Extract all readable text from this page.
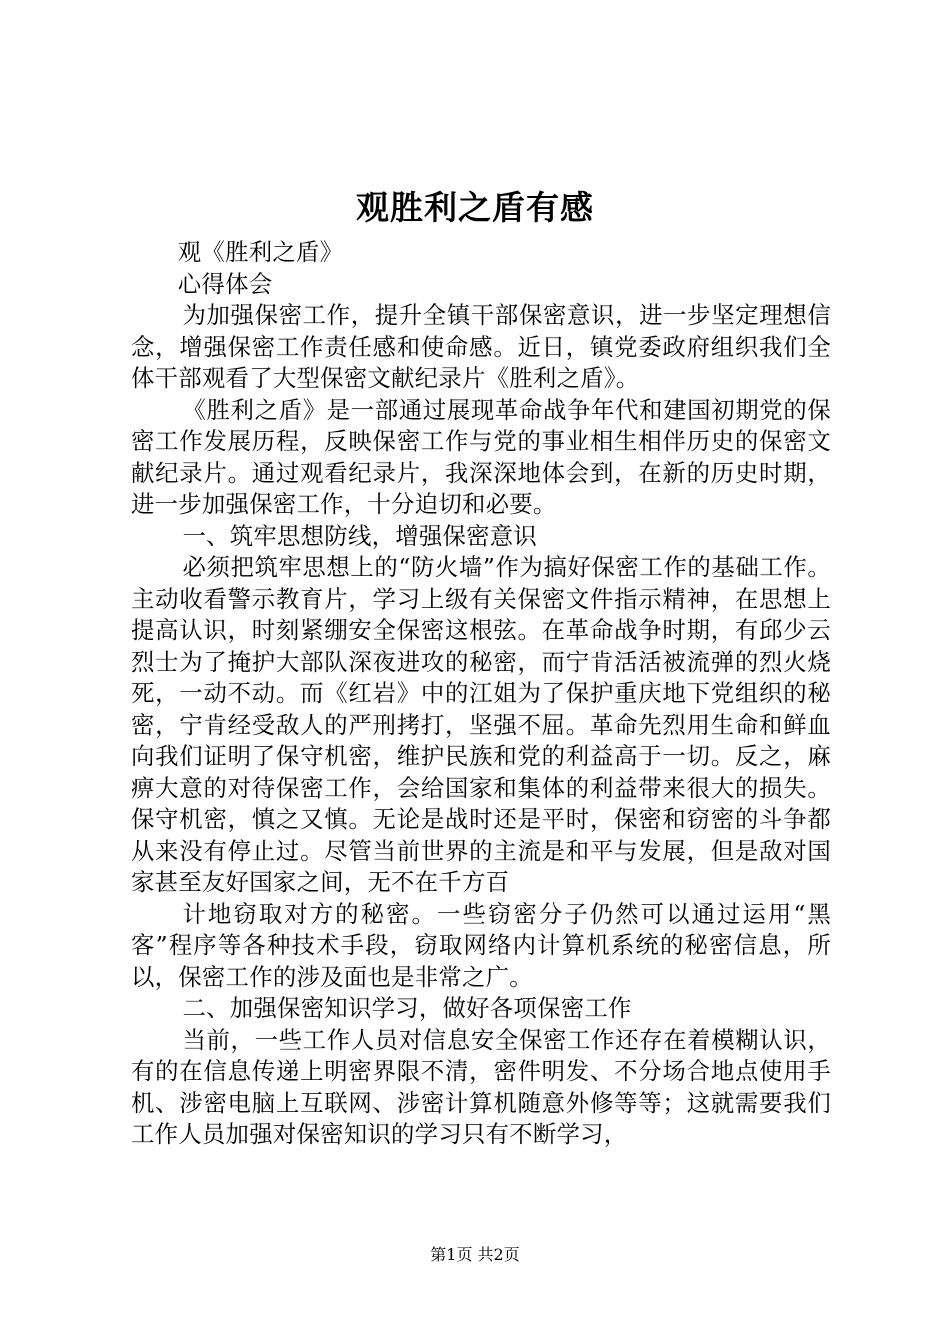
观胜利之盾有感

观《胜利之盾》

心得体会

为加强保密工作，提升全镇干部保密意识，进一步坚定理想信念，增强保密工作责任感和使命感。近日，镇党委政府组织我们全体干部观看了大型保密文献纪录片《胜利之盾》。

《胜利之盾》是一部通过展现革命战争年代和建国初期党的保密工作发展历程，反映保密工作与党的事业相生相伴历史的保密文献纪录片。通过观看纪录片，我深深地体会到，在新的历史时期，进一步加强保密工作，十分迫切和必要。

一、筑牢思想防线，增强保密意识

必须把筑牢思想上的“防火墙”作为搞好保密工作的基础工作。主动收看警示教育片，学习上级有关保密文件指示精神，在思想上提高认识，时刻紧绷安全保密这根弦。在革命战争时期，有邱少云烈士为了掩护大部队深夜进攻的秘密，而宁肯活活被流弹的烈火烧死，一动不动。而《红岩》中的江姐为了保护重庆地下党组织的秘密，宁肯经受敌人的严刑拷打，坚强不屈。革命先烈用生命和鲜血向我们证明了保守机密，维护民族和党的利益高于一切。反之，麻痹大意的对待保密工作，会给国家和集体的利益带来很大的损失。保守机密，慎之又慎。无论是战时还是平时，保密和窃密的斗争都从来没有停止过。尽管当前世界的主流是和平与发展，但是敌对国家甚至友好国家之间，无不在千方百

计地窃取对方的秘密。一些窃密分子仍然可以通过运用“黑客”程序等各种技术手段，窃取网络内计算机系统的秘密信息，所以，保密工作的涉及面也是非常之广。

二、加强保密知识学习，做好各项保密工作

当前，一些工作人员对信息安全保密工作还存在着模糊认识，有的在信息传递上明密界限不清，密件明发、不分场合地点使用手机、涉密电脑上互联网、涉密计算机随意外修等等；这就需要我们工作人员加强对保密知识的学习只有不断学习，

第1页 共2页
